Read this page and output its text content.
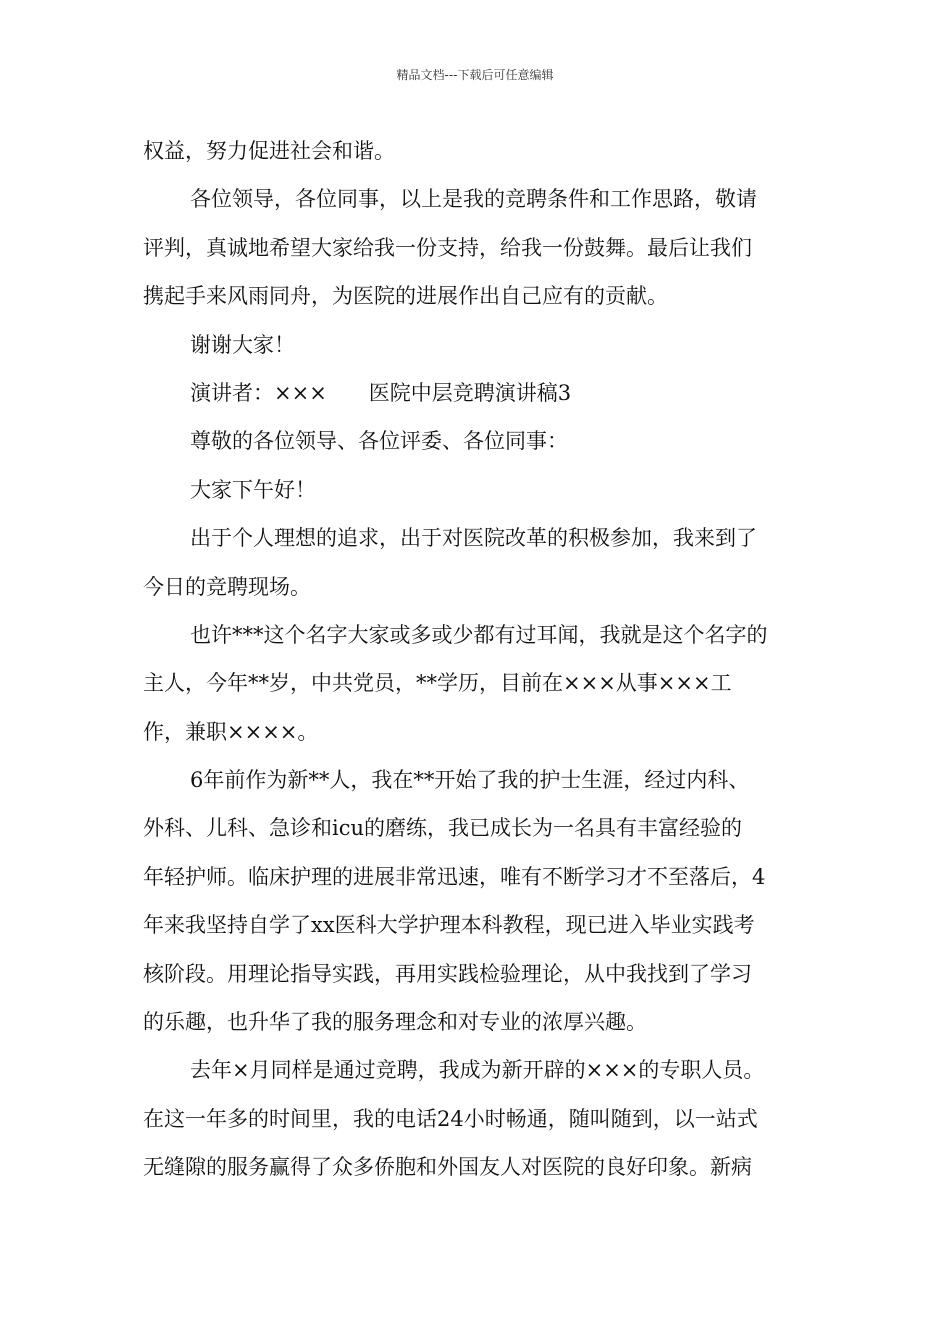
精品文档---下载后可任意编辑
权益，努力促进社会和谐。
各位领导，各位同事，以上是我的竞聘条件和工作思路，敬请
评判，真诚地希望大家给我一份支持，给我一份鼓舞。最后让我们
携起手来风雨同舟，为医院的进展作出自己应有的贡献。
谢谢大家！
演讲者：×××　　医院中层竞聘演讲稿3
尊敬的各位领导、各位评委、各位同事：
大家下午好！
出于个人理想的追求，出于对医院改革的积极参加，我来到了
今日的竞聘现场。
也许***这个名字大家或多或少都有过耳闻，我就是这个名字的
主人，今年**岁，中共党员，**学历，目前在×××从事×××工
作，兼职××××。
6年前作为新**人，我在**开始了我的护士生涯，经过内科、
外科、儿科、急诊和icu的磨练，我已成长为一名具有丰富经验的
年轻护师。临床护理的进展非常迅速，唯有不断学习才不至落后，4
年来我坚持自学了xx医科大学护理本科教程，现已进入毕业实践考
核阶段。用理论指导实践，再用实践检验理论，从中我找到了学习
的乐趣，也升华了我的服务理念和对专业的浓厚兴趣。
去年×月同样是通过竞聘，我成为新开辟的×××的专职人员。
在这一年多的时间里，我的电话24小时畅通，随叫随到，以一站式
无缝隙的服务赢得了众多侨胞和外国友人对医院的良好印象。新病
